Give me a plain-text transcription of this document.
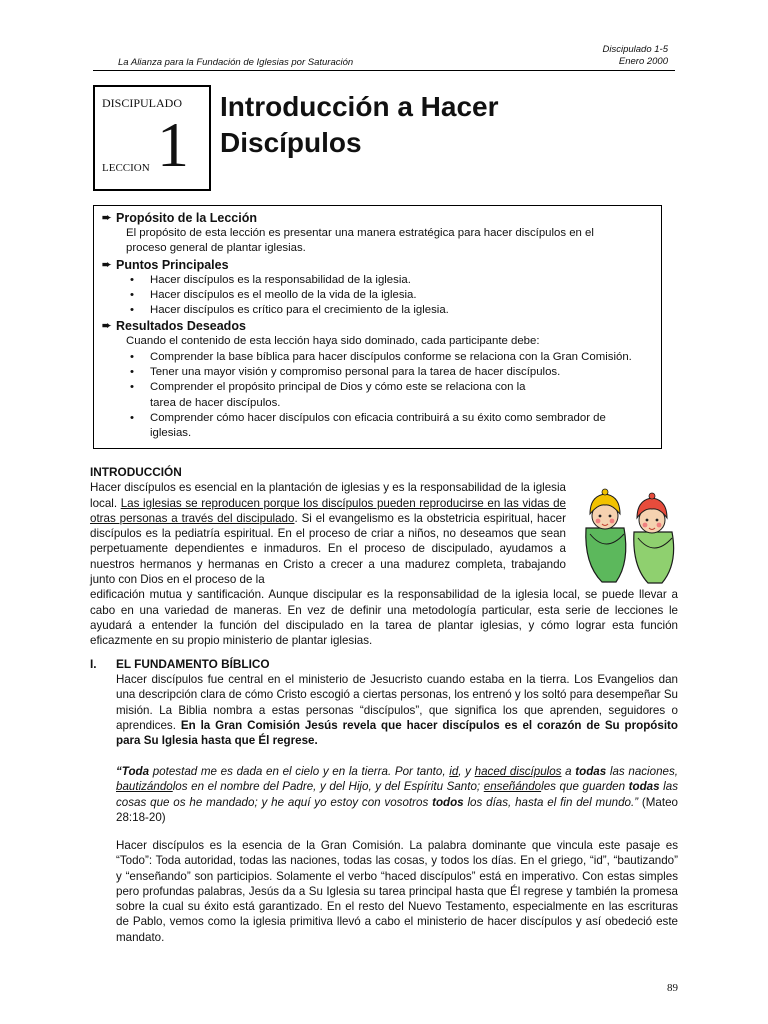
La Alianza para la Fundación de Iglesias por Saturación
Discipulado 1-5
Enero 2000
DISCIPULADO
1
LECCION
Introducción a Hacer
Discípulos
➨ Propósito de la Lección
El propósito de esta lección es presentar una manera estratégica para hacer discípulos en el
proceso general de plantar iglesias.
➨ Puntos Principales
•	Hacer discípulos es la responsabilidad de la iglesia.
•	Hacer discípulos es el meollo de la vida de la iglesia.
•	Hacer discípulos es crítico para el crecimiento de la iglesia.
➨ Resultados Deseados
Cuando el contenido de esta lección haya sido dominado, cada participante debe:
•	Comprender la base bíblica para hacer discípulos conforme se relaciona con la Gran Comisión.
•	Tener una mayor visión y compromiso personal para la tarea de hacer discípulos.
•	Comprender el propósito principal de Dios y cómo este se relaciona con la tarea de hacer discípulos.
•	Comprender cómo hacer discípulos con eficacia contribuirá a su éxito como sembrador de iglesias.
INTRODUCCIÓN

Hacer discípulos es esencial en la plantación de iglesias y es la responsabilidad de la iglesia local. Las iglesias se reproducen porque los discípulos pueden reproducirse en las vidas de otras personas a través del discipulado. Si el evangelismo es la obstetricia espiritual, hacer discípulos es la pediatría espiritual. En el proceso de criar a niños, no deseamos que sean perpetuamente dependientes e inmaduros. En el proceso de discipulado, ayudamos a nuestros hermanos y hermanas en Cristo a crecer a una madurez completa, trabajando junto con Dios en el proceso de la

edificación mutua y santificación. Aunque discipular es la responsabilidad de la iglesia local, se puede llevar a cabo en una variedad de maneras. En vez de definir una metodología particular, esta serie de lecciones le ayudará a entender la función del discipulado en la tarea de plantar iglesias, y cómo lograr esta función eficazmente en su propio ministerio de plantar iglesias.

I. EL FUNDAMENTO BÍBLICO
Hacer discípulos fue central en el ministerio de Jesucristo cuando estaba en la tierra. Los Evangelios dan una descripción clara de cómo Cristo escogió a ciertas personas, los entrenó y los soltó para desempeñar Su misión. La Biblia nombra a estas personas “discípulos”, que significa los que aprenden, seguidores o aprendices. En la Gran Comisión Jesús revela que hacer discípulos es el corazón de Su propósito para Su Iglesia hasta que Él regrese.
“Toda potestad me es dada en el cielo y en la tierra. Por tanto, id, y haced discípulos a todas las naciones, bautizándolos en el nombre del Padre, y del Hijo, y del Espíritu Santo; enseñándoles que guarden todas las cosas que os he mandado; y he aquí yo estoy con vosotros todos los días, hasta el fin del mundo.” (Mateo 28:18-20)
Hacer discípulos es la esencia de la Gran Comisión. La palabra dominante que vincula este pasaje es “Todo”: Toda autoridad, todas las naciones, todas las cosas, y todos los días. En el griego, “id”, “bautizando” y “enseñando” son participios. Solamente el verbo “haced discípulos” está en imperativo. Con estas simples pero profundas palabras, Jesús da a Su Iglesia su tarea principal hasta que Él regrese y también la promesa sobre la cual su éxito está garantizado. En el resto del Nuevo Testamento, especialmente en las escrituras de Pablo, vemos como la iglesia primitiva llevó a cabo el ministerio de hacer discípulos y así obedeció este mandato.
89
